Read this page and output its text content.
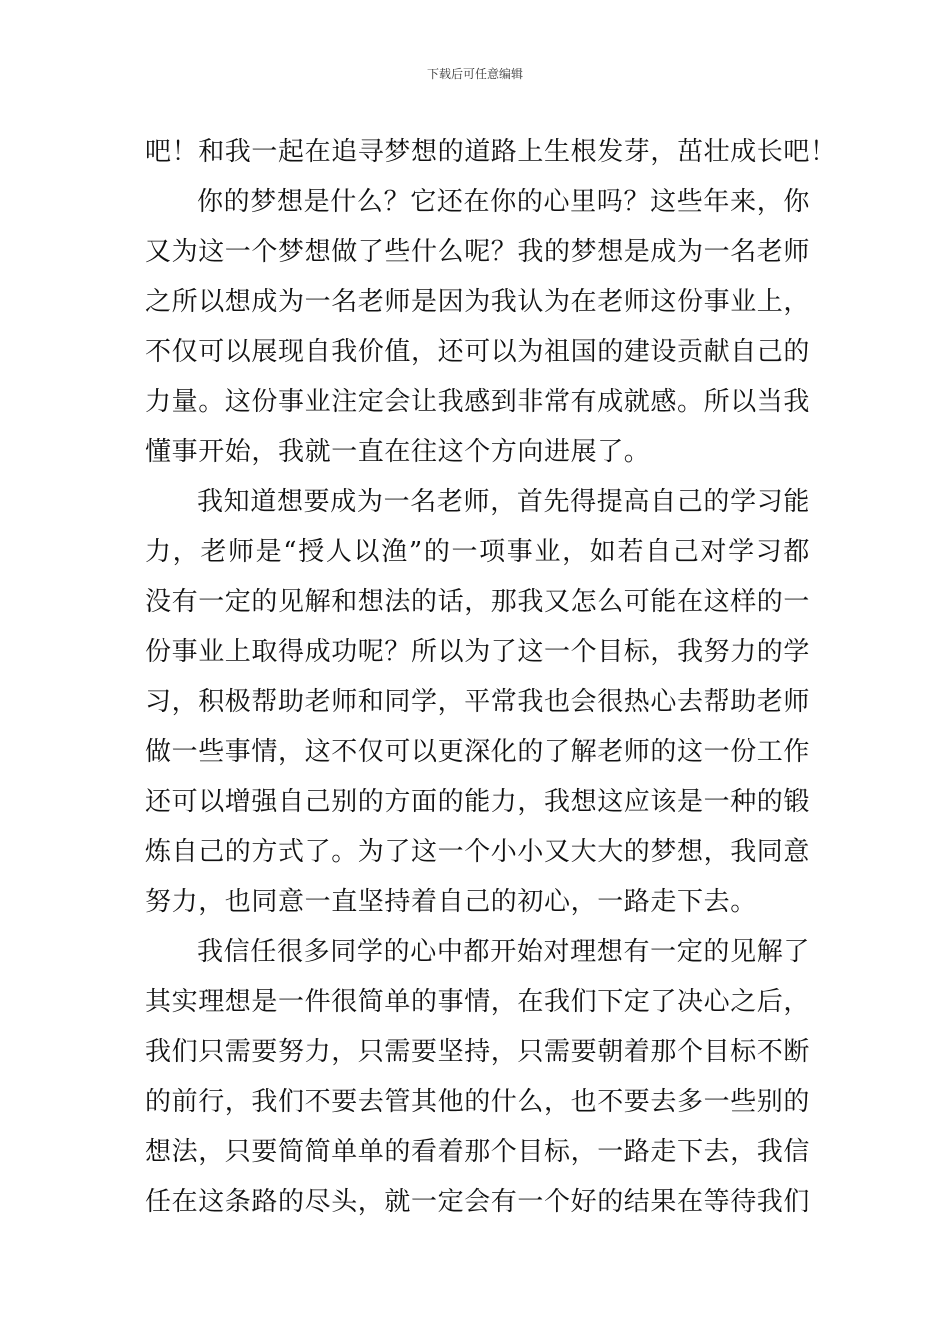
下载后可任意编辑
吧！和我一起在追寻梦想的道路上生根发芽，茁壮成长吧！
你的梦想是什么？它还在你的心里吗？这些年来，你
又为这一个梦想做了些什么呢？我的梦想是成为一名老师
之所以想成为一名老师是因为我认为在老师这份事业上，
不仅可以展现自我价值，还可以为祖国的建设贡献自己的
力量。这份事业注定会让我感到非常有成就感。所以当我
懂事开始，我就一直在往这个方向进展了。
我知道想要成为一名老师，首先得提高自己的学习能
力，老师是“授人以渔”的一项事业，如若自己对学习都
没有一定的见解和想法的话，那我又怎么可能在这样的一
份事业上取得成功呢？所以为了这一个目标，我努力的学
习，积极帮助老师和同学，平常我也会很热心去帮助老师
做一些事情，这不仅可以更深化的了解老师的这一份工作
还可以增强自己别的方面的能力，我想这应该是一种的锻
炼自己的方式了。为了这一个小小又大大的梦想，我同意
努力，也同意一直坚持着自己的初心，一路走下去。
我信任很多同学的心中都开始对理想有一定的见解了
其实理想是一件很简单的事情，在我们下定了决心之后，
我们只需要努力，只需要坚持，只需要朝着那个目标不断
的前行，我们不要去管其他的什么，也不要去多一些别的
想法，只要简简单单的看着那个目标，一路走下去，我信
任在这条路的尽头，就一定会有一个好的结果在等待我们
